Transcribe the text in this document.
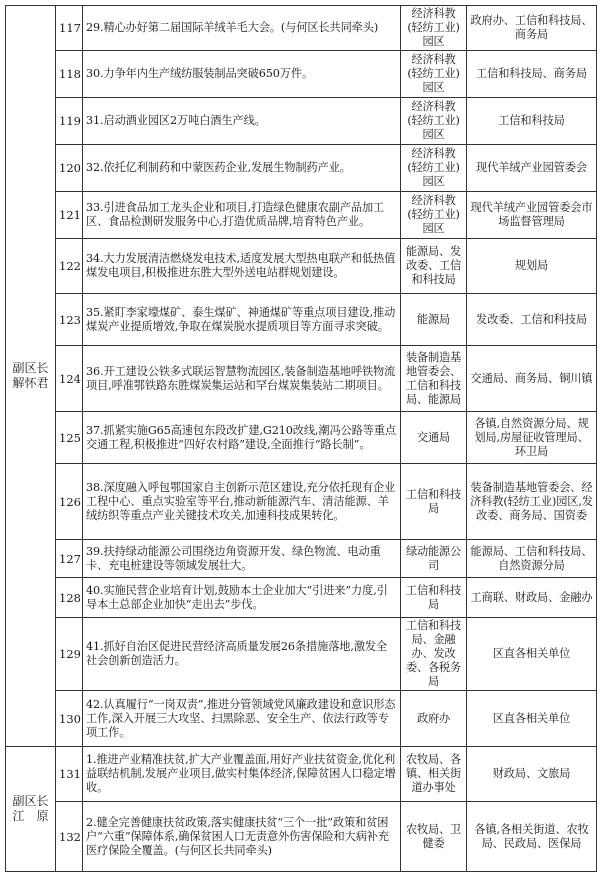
副区长解怀君	117	29.精心办好第二届国际羊绒羊毛大会。(与何区长共同牵头)	经济科教(轻纺工业)园区	政府办、工信和科技局、商务局
	118	30.力争年内生产绒纺服装制品突破650万件。	经济科教(轻纺工业)园区	工信和科技局、商务局
	119	31.启动酒业园区2万吨白酒生产线。	经济科教(轻纺工业)园区	工信和科技局
	120	32.依托亿利制药和中蒙医药企业,发展生物制药产业。	经济科教(轻纺工业)园区	现代羊绒产业园管委会
	121	33.引进食品加工龙头企业和项目,打造绿色健康农副产品加工区、食品检测研发服务中心,打造优质品牌,培育特色产业。	经济科教(轻纺工业)园区	现代羊绒产业园管委会市场监督管理局
	122	34.大力发展清洁燃烧发电技术,适度发展大型热电联产和低热值煤发电项目,积极推进东胜大型外送电站群规划建设。	能源局、发改委、工信和科技局	规划局
	123	35.紧盯李家壕煤矿、泰生煤矿、神通煤矿等重点项目建设,推动煤炭产业提质增效,争取在煤炭脱水提质项目等方面寻求突破。	能源局	发改委、工信和科技局
	124	36.开工建设公铁多式联运智慧物流园区,装备制造基地呼铁物流项目,呼准鄂铁路东胜煤炭集运站和罕台煤炭集装站二期项目。	装备制造基地管委会、工信和科技局、能源局	交通局、商务局、铜川镇
	125	37.抓紧实施G65高速包东段改扩建,G210改线,潮冯公路等重点交通工程,积极推进“四好农村路”建设,全面推行“路长制”。	交通局	各镇,自然资源分局、规划局,房屋征收管理局、环卫局
	126	38.深度融入呼包鄂国家自主创新示范区建设,充分依托现有企业工程中心、重点实验室等平台,推动新能源汽车、清洁能源、羊绒纺织等重点产业关键技术攻关,加速科技成果转化。	工信和科技局	装备制造基地管委会、经济科教(轻纺工业)园区,发改委、商务局、国资委
	127	39.扶持绿动能源公司围绕边角资源开发、绿色物流、电动重卡、充电桩建设等领域发展壮大。	绿动能源公司	能源局、工信和科技局、自然资源分局
	128	40.实施民营企业培育计划,鼓励本土企业加大“引进来”力度,引导本土总部企业加快“走出去”步伐。	工信和科技局	工商联、财政局、金融办
	129	41.抓好自治区促进民营经济高质量发展26条措施落地,激发全社会创新创造活力。	工信和科技局、金融办、发改委、各税务局	区直各相关单位
	130	42.认真履行“一岗双责”,推进分管领域党风廉政建设和意识形态工作,深入开展三大攻坚、扫黑除恶、安全生产、依法行政等专项工作。	政府办	区直各相关单位
副区长江　原	131	1.推进产业精准扶贫,扩大产业覆盖面,用好产业扶贫资金,优化利益联结机制,发展产业项目,做实村集体经济,保障贫困人口稳定增收。	农牧局、各镇、相关街道办事处	财政局、文旅局
	132	2.健全完善健康扶贫政策,落实健康扶贫“三个一批”政策和贫困户“六重”保障体系,确保贫困人口无责意外伤害保险和大病补充医疗保险全覆盖。(与何区长共同牵头)	农牧局、卫健委	各镇,各相关街道、农牧局、民政局、医保局
